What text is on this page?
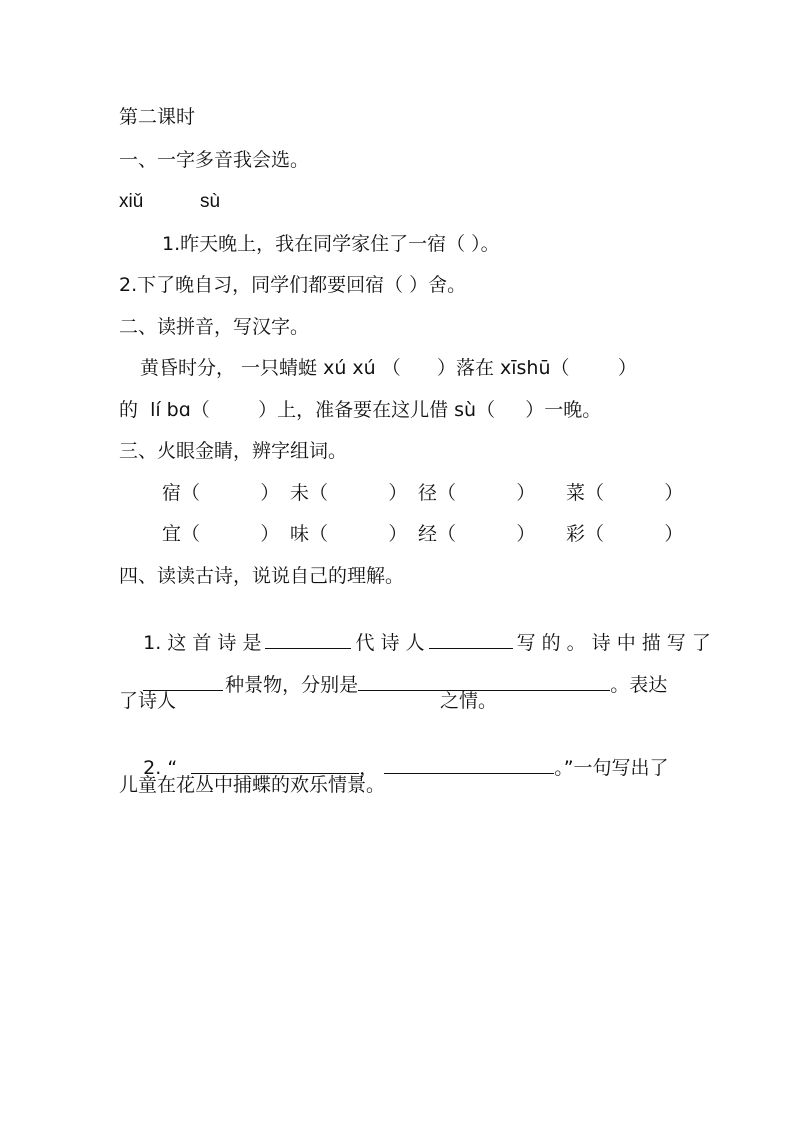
第二课时
一、一字多音我会选。
xiǔ	sù
1.昨天晚上，我在同学家住了一宿（ ）。
2.下了晚自习，同学们都要回宿（ ）舍。
二、读拼音，写汉字。
黄昏时分， 一只蜻蜓 xú xú （      ）落在 xīshū（        ）
的  lí bɑ（        ）上，准备要在这儿借 sù（     ）一晚。
三、火眼金睛，辨字组词。
宿（          ） 未（          ） 径（          ） 菜（          ）
宜（          ） 味（          ） 经（          ） 彩（          ）
四、读读古诗，说说自己的理解。

1. 这 首 诗 是	代 诗 人	写 的 。 诗 中 描 写 了

种景物，分别是	。表达

了诗人	之情。

2. “	，	。”一句写出了

儿童在花丛中捕蝶的欢乐情景。
